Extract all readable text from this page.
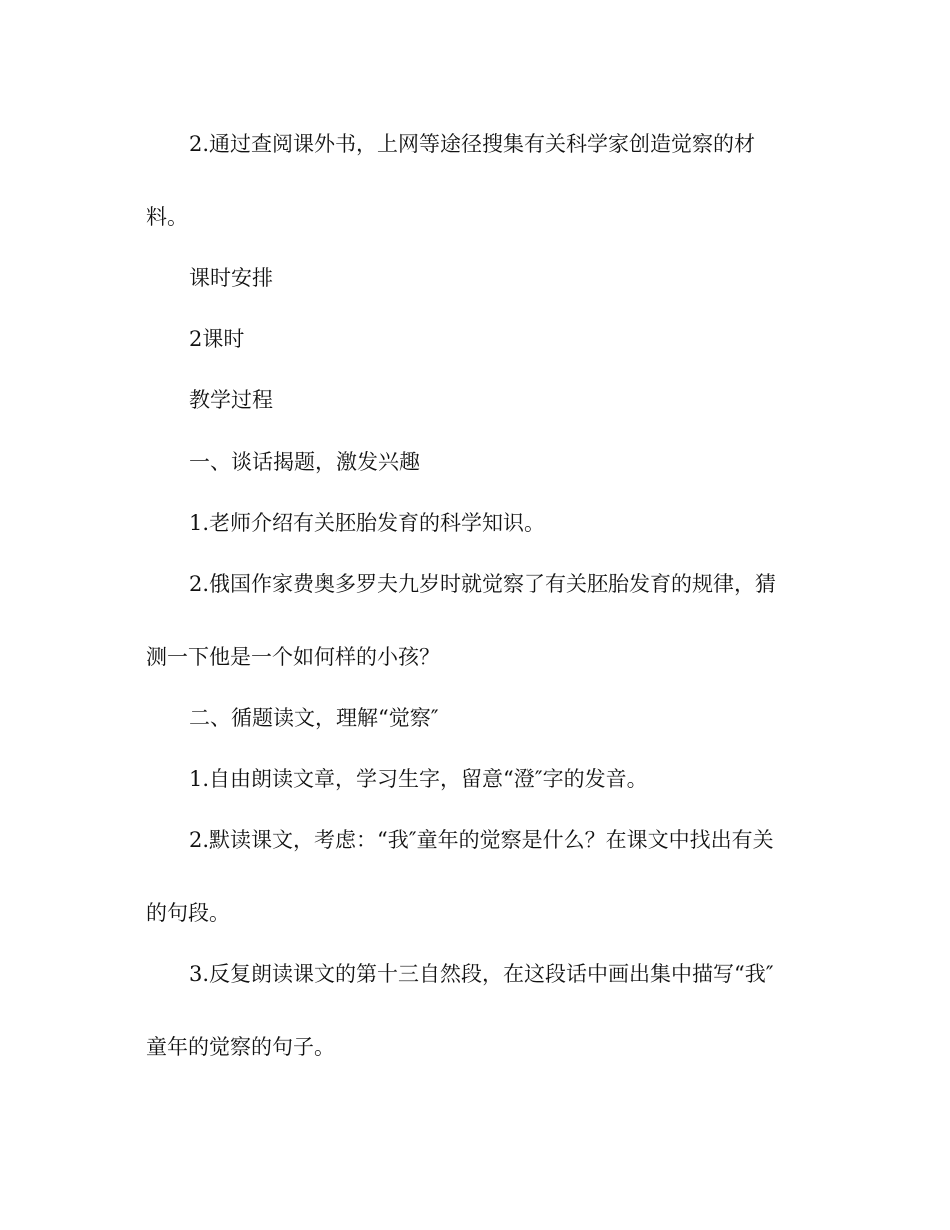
2.通过查阅课外书，上网等途径搜集有关科学家创造觉察的材
料。
课时安排
2课时
教学过程
一、谈话揭题，激发兴趣
1.老师介绍有关胚胎发育的科学知识。
2.俄国作家费奥多罗夫九岁时就觉察了有关胚胎发育的规律，猜
测一下他是一个如何样的小孩？
二、循题读文，理解“觉察″
1.自由朗读文章，学习生字，留意“澄″字的发音。
2.默读课文，考虑：“我″童年的觉察是什么？在课文中找出有关
的句段。
3.反复朗读课文的第十三自然段，在这段话中画出集中描写“我″
童年的觉察的句子。
